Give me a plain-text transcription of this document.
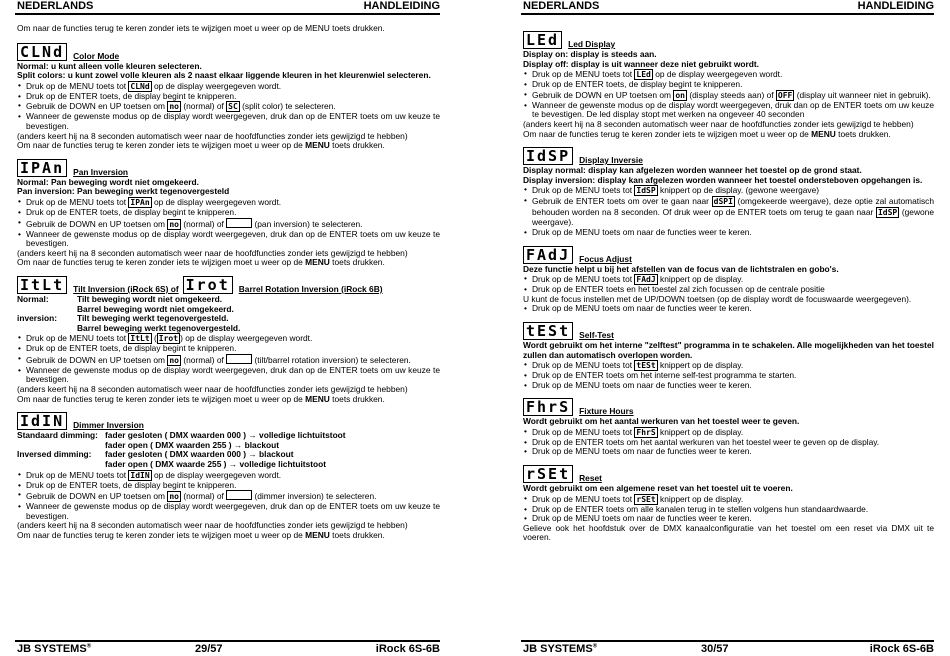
NEDERLANDS	HANDLEIDING

Om naar de functies terug te keren zonder iets te wijzigen moet u weer op de MENU toets drukken.

CLNd	Color Mode

Normal: u kunt alleen volle kleuren selecteren.

Split colors: u kunt zowel volle kleuren als 2 naast elkaar liggende kleuren in het kleurenwiel selecteren.

• Druk op de MENU toets tot CLNd op de display weergegeven wordt.
• Druk op de ENTER toets, de display begint te knipperen.
• Gebruik de DOWN en UP toetsen om no (normal) of SC (split color) te selecteren.
• Wanneer de gewenste modus op de display wordt weergegeven, druk dan op de ENTER toets om uw keuze te bevestigen.

(anders keert hij na 8 seconden automatisch weer naar de hoofdfuncties zonder iets gewijzigd te hebben)

Om naar de functies terug te keren zonder iets te wijzigen moet u weer op de MENU toets drukken.

IPAn	Pan Inversion

Normal: Pan beweging wordt niet omgekeerd.

Pan inversion: Pan beweging werkt tegenovergesteld

• Druk op de MENU toets tot IPAn op de display weergegeven wordt.
• Druk op de ENTER toets, de display begint te knipperen.
• Gebruik de DOWN en UP toetsen om no (normal) of	(pan inversion) te selecteren.
• Wanneer de gewenste modus op de display wordt weergegeven, druk dan op de ENTER toets om uw keuze te bevestigen.

(anders keert hij na 8 seconden automatisch weer naar de hoofdfuncties zonder iets gewijzigd te hebben)

Om naar de functies terug te keren zonder iets te wijzigen moet u weer op de MENU toets drukken.

ItLt	Tilt Inversion (iRock 6S) of Irot	Barrel Rotation Inversion (iRock 6B)
Normal:	Tilt beweging wordt niet omgekeerd.
Barrel beweging wordt niet omgekeerd.
inversion:	Tilt beweging werkt tegenovergesteld.
Barrel beweging werkt tegenovergesteld.
• Druk op de MENU toets tot ItLt ( Irot ) op de display weergegeven wordt.
• Druk op de ENTER toets, de display begint te knipperen.
• Gebruik de DOWN en UP toetsen om no (normal) of	(tilt/barrel rotation inversion) te selecteren.
• Wanneer de gewenste modus op de display wordt weergegeven, druk dan op de ENTER toets om uw keuze te bevestigen.

(anders keert hij na 8 seconden automatisch weer naar de hoofdfuncties zonder iets gewijzigd te hebben)

Om naar de functies terug te keren zonder iets te wijzigen moet u weer op de MENU toets drukken.

IdIN	Dimmer Inversion
Standaard dimming: fader gesloten ( DMX waarden 000 ) → volledige lichtuitstoot
fader open ( DMX waarden 255 ) → blackout
Inversed dimming:	fader gesloten ( DMX waarden 000 ) → blackout
fader open ( DMX waarde 255 ) → volledige lichtuitstoot
• Druk op de MENU toets tot IdIN op de display weergegeven wordt.
• Druk op de ENTER toets, de display begint te knipperen.
• Gebruik de DOWN en UP toetsen om no (normal) of	(dimmer inversion) te selecteren.
• Wanneer de gewenste modus op de display wordt weergegeven, druk dan op de ENTER toets om uw keuze te bevestigen.

(anders keert hij na 8 seconden automatisch weer naar de hoofdfuncties zonder iets gewijzigd te hebben)

Om naar de functies terug te keren zonder iets te wijzigen moet u weer op de MENU toets drukken.

JB SYSTEMS®	29/57	iRock 6S-6B
NEDERLANDS	HANDLEIDING
LEd	Led Display

Display on: display is steeds aan.

Display off: display is uit wanneer deze niet gebruikt wordt.

• Druk op de MENU toets tot LEd op de display weergegeven wordt.
• Druk op de ENTER toets, de display begint te knipperen.
• Gebruik de DOWN en UP toetsen om on (display steeds aan) of OFF (display uit wanneer niet in gebruik).
• Wanneer de gewenste modus op de display wordt weergegeven, druk dan op de ENTER toets om uw keuze te bevestigen. De led display stopt met werken na ongeveer 40 seconden

(anders keert hij na 8 seconden automatisch weer naar de hoofdfuncties zonder iets gewijzigd te hebben)

Om naar de functies terug te keren zonder iets te wijzigen moet u weer op de MENU toets drukken.

IdSP	Display Inversie

Display normal: display kan afgelezen worden wanneer het toestel op de grond staat.

Display inversion: display kan afgelezen worden wanneer het toestel ondersteboven opgehangen is.

• Druk op de MENU toets tot IdSP knippert op de display. (gewone weergave)
• Gebruik de ENTER toets om over te gaan naar dSPI (omgekeerde weergave), deze optie zal automatisch behouden worden na 8 seconden. Of druk weer op de ENTER toets om terug te gaan naar IdSP (gewone weergave).
• Druk op de MENU toets om naar de functies weer te keren.
FAdJ	Focus Adjust

Deze functie helpt u bij het afstellen van de focus van de lichtstralen en gobo's.

• Druk op de MENU toets tot FAdJ knippert op de display.
• Druk op de ENTER toets en het toestel zal zich focussen op de centrale positie

U kunt de focus instellen met de UP/DOWN toetsen (op de display wordt de focuswaarde weergegeven).

• Druk op de MENU toets om naar de functies weer te keren.
tESt	Self-Test

Wordt gebruikt om het interne "zelftest" programma in te schakelen. Alle mogelijkheden van het toestel zullen dan automatisch overlopen worden.

• Druk op de MENU toets tot tESt knippert op de display.
• Druk op de ENTER toets om het interne self-test programma te starten.
• Druk op de MENU toets om naar de functies weer te keren.
FhrS	Fixture Hours

Wordt gebruikt om het aantal werkuren van het toestel weer te geven.

• Druk op de MENU toets tot FhrS knippert op de display.
• Druk op de ENTER toets om het aantal werkuren van het toestel weer te geven op de display.
• Druk op de MENU toets om naar de functies weer te keren.
rSEt	Reset

Wordt gebruikt om een algemene reset van het toestel uit te voeren.

• Druk op de MENU toets tot rSEt knippert op de display.
• Druk op de ENTER toets om alle kanalen terug in te stellen volgens hun standaardwaarde.
• Druk op de MENU toets om naar de functies weer te keren.

Gelieve ook het hoofdstuk over de DMX kanaalconfiguratie van het toestel om een reset via DMX uit te voeren.

JB SYSTEMS®	30/57	iRock 6S-6B
